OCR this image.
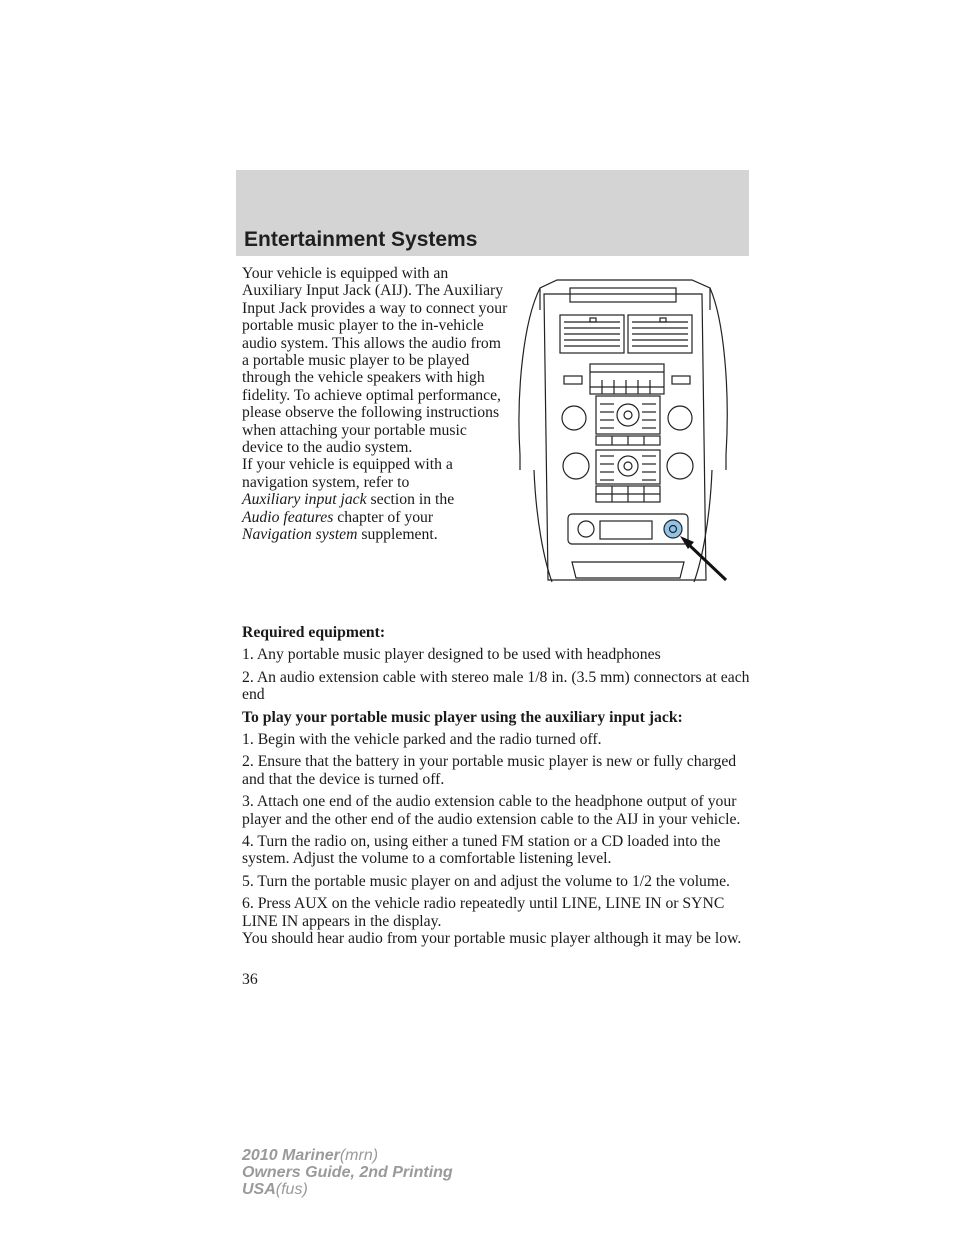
Entertainment Systems

Your vehicle is equipped with an Auxiliary Input Jack (AIJ). The Auxiliary Input Jack provides a way to connect your portable music player to the in-vehicle audio system. This allows the audio from a portable music player to be played through the vehicle speakers with high fidelity. To achieve optimal performance, please observe the following instructions when attaching your portable music device to the audio system.

If your vehicle is equipped with a navigation system, refer to
Auxiliary input jack section in the
Audio features chapter of your
Navigation system supplement.

Required equipment:

1. Any portable music player designed to be used with headphones

2. An audio extension cable with stereo male 1/8 in. (3.5 mm) connectors at each end

To play your portable music player using the auxiliary input jack:

1. Begin with the vehicle parked and the radio turned off.

2. Ensure that the battery in your portable music player is new or fully charged and that the device is turned off.

3. Attach one end of the audio extension cable to the headphone output of your player and the other end of the audio extension cable to the AIJ in your vehicle.

4. Turn the radio on, using either a tuned FM station or a CD loaded into the system. Adjust the volume to a comfortable listening level.

5. Turn the portable music player on and adjust the volume to 1/2 the volume.

6. Press AUX on the vehicle radio repeatedly until LINE, LINE IN or SYNC LINE IN appears in the display.

You should hear audio from your portable music player although it may be low.

36
2010 Mariner(mrn)
Owners Guide, 2nd Printing
USA(fus)
